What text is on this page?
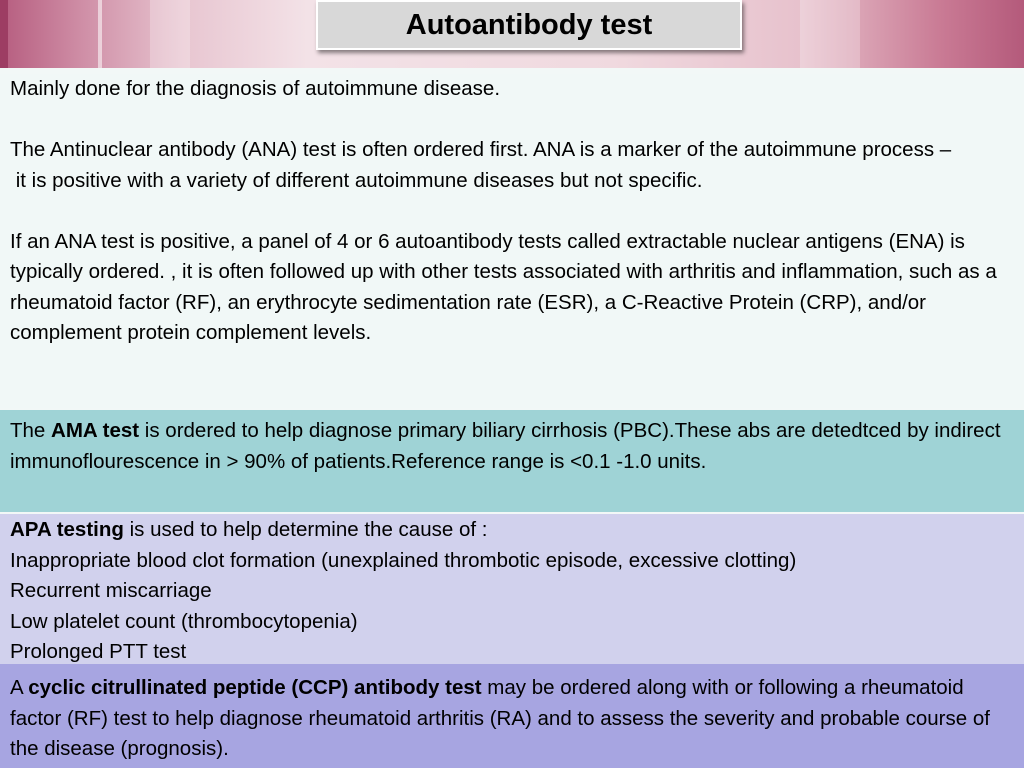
Autoantibody test

Mainly done for the diagnosis of autoimmune disease.

The Antinuclear antibody (ANA) test is often ordered first. ANA is a marker of the autoimmune process –

it is positive with a variety of different autoimmune diseases but not specific.

If an ANA test is positive, a panel of 4 or 6 autoantibody tests called extractable nuclear antigens (ENA) is typically ordered. , it is often followed up with other tests associated with arthritis and inflammation, such as a rheumatoid factor (RF), an erythrocyte sedimentation rate (ESR), a C-Reactive Protein (CRP), and/or complement protein complement levels.

The AMA test is ordered to help diagnose primary biliary cirrhosis (PBC).These abs are detedtced by indirect immunoflourescence in > 90% of patients.Reference range is <0.1 -1.0 units.

APA testing is used to help determine the cause of :

Inappropriate blood clot formation (unexplained thrombotic episode, excessive clotting)

Recurrent miscarriage

Low platelet count (thrombocytopenia)

Prolonged PTT test

A cyclic citrullinated peptide (CCP) antibody test may be ordered along with or following a rheumatoid factor (RF) test to help diagnose rheumatoid arthritis (RA) and to assess the severity and probable course of the disease (prognosis).
